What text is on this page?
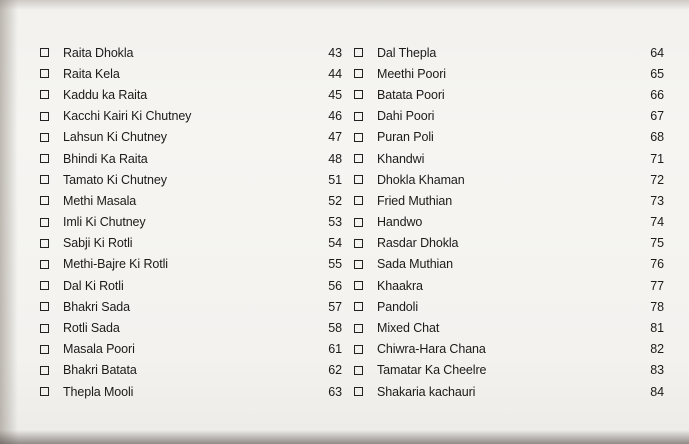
Raita Dhokla	43
Raita Kela	44
Kaddu ka Raita	45
Kacchi Kairi Ki Chutney	46
Lahsun Ki Chutney	47
Bhindi Ka Raita	48
Tamato Ki Chutney	51
Methi Masala	52
Imli Ki Chutney	53
Sabji Ki Rotli	54
Methi-Bajre Ki Rotli	55
Dal Ki Rotli	56
Bhakri Sada	57
Rotli Sada	58
Masala Poori	61
Bhakri Batata	62
Thepla Mooli	63
Dal Thepla	64
Meethi Poori	65
Batata Poori	66
Dahi Poori	67
Puran Poli	68
Khandwi	71
Dhokla Khaman	72
Fried Muthian	73
Handwo	74
Rasdar Dhokla	75
Sada Muthian	76
Khaakra	77
Pandoli	78
Mixed Chat	81
Chiwra-Hara Chana	82
Tamatar Ka Cheelre	83
Shakaria kachauri	84
